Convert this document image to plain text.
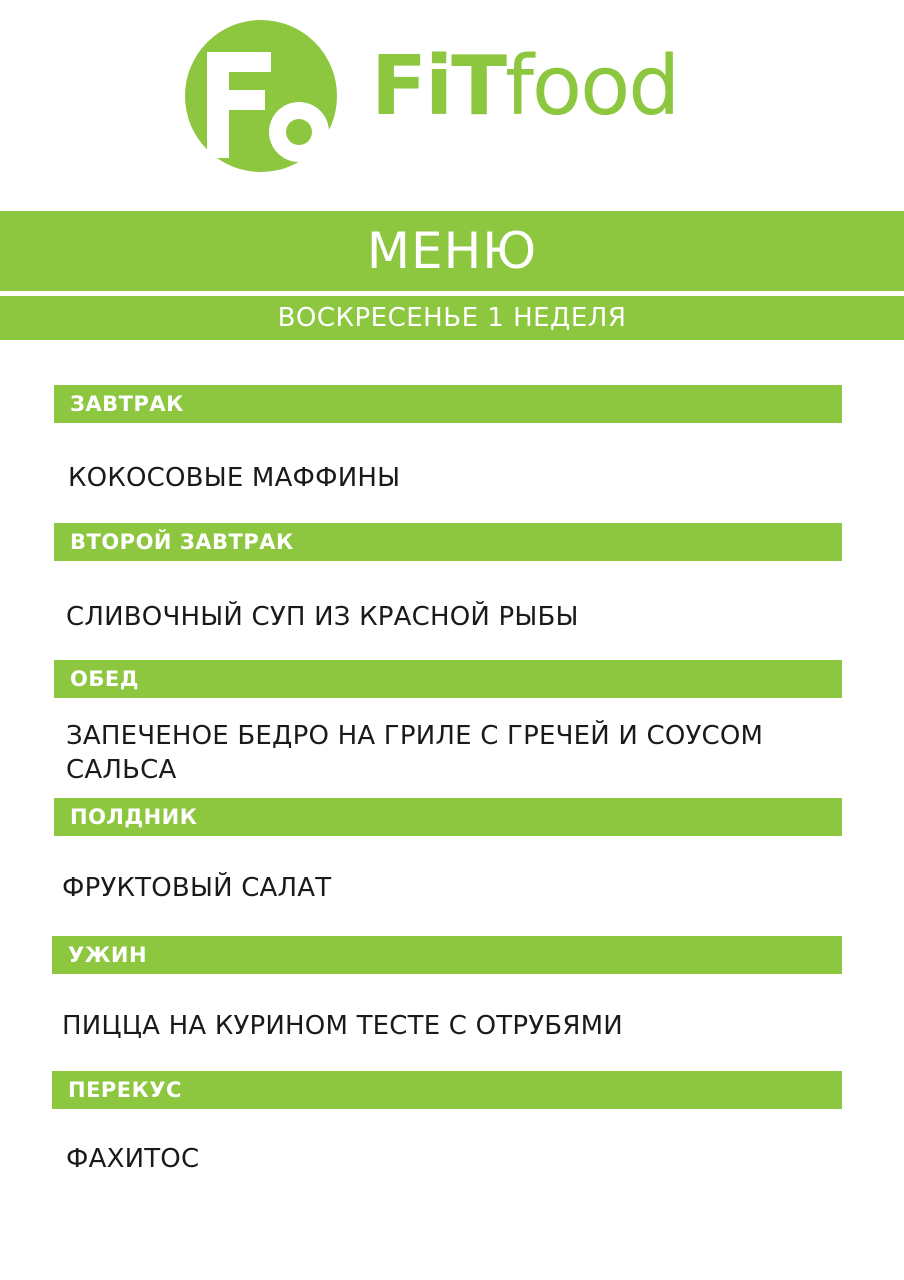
FiTfood
МЕНЮ
ВОСКРЕСЕНЬЕ 1 НЕДЕЛЯ
ЗАВТРАК
КОКОСОВЫЕ МАФФИНЫ
ВТОРОЙ ЗАВТРАК
СЛИВОЧНЫЙ СУП ИЗ КРАСНОЙ РЫБЫ
ОБЕД
ЗАПЕЧЕНОЕ БЕДРО НА ГРИЛЕ С ГРЕЧЕЙ И СОУСОМ САЛЬСА
ПОЛДНИК
ФРУКТОВЫЙ САЛАТ
УЖИН
ПИЦЦА НА КУРИНОМ ТЕСТЕ С ОТРУБЯМИ
ПЕРЕКУС
ФАХИТОС
